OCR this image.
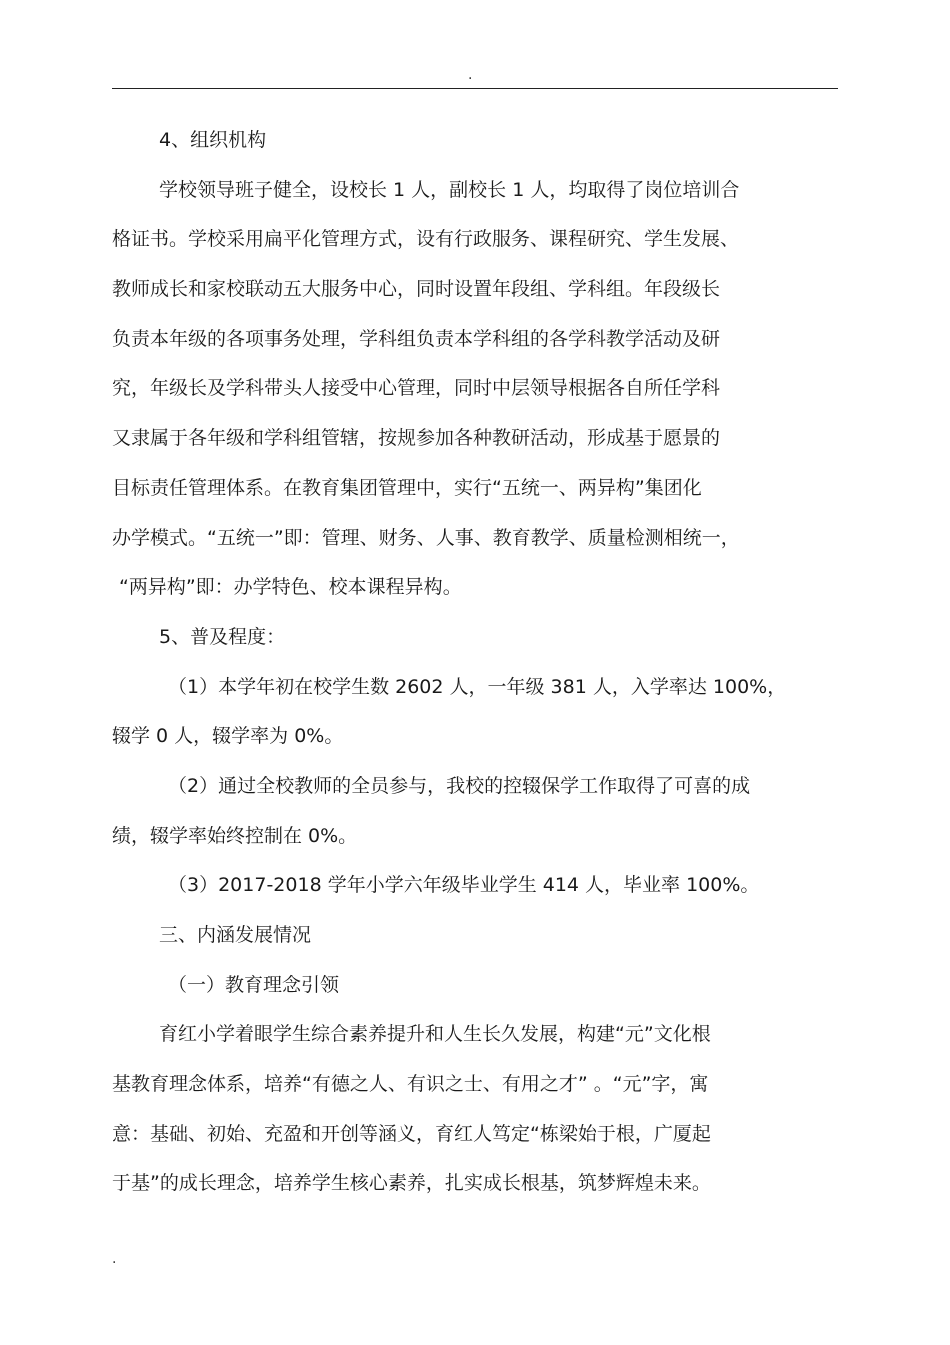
.
4、组织机构
学校领导班子健全，设校长 1 人，副校长 1 人，均取得了岗位培训合
格证书。学校采用扁平化管理方式，设有行政服务、课程研究、学生发展、
教师成长和家校联动五大服务中心，同时设置年段组、学科组。年段级长
负责本年级的各项事务处理，学科组负责本学科组的各学科教学活动及研
究，年级长及学科带头人接受中心管理，同时中层领导根据各自所任学科
又隶属于各年级和学科组管辖，按规参加各种教研活动，形成基于愿景的
目标责任管理体系。在教育集团管理中，实行“五统一、两异构”集团化
办学模式。“五统一”即：管理、财务、人事、教育教学、质量检测相统一，
“两异构”即：办学特色、校本课程异构。
5、普及程度：
（1）本学年初在校学生数 2602 人，一年级 381 人，入学率达 100%，
辍学 0 人，辍学率为 0%。
（2）通过全校教师的全员参与，我校的控辍保学工作取得了可喜的成
绩，辍学率始终控制在 0%。
（3）2017-2018 学年小学六年级毕业学生 414 人，毕业率 100%。
三、内涵发展情况
（一）教育理念引领
育红小学着眼学生综合素养提升和人生长久发展，构建“元”文化根
基教育理念体系，培养“有德之人、有识之士、有用之才” 。“元”字，寓
意：基础、初始、充盈和开创等涵义，育红人笃定“栋梁始于根，广厦起
于基”的成长理念，培养学生核心素养，扎实成长根基，筑梦辉煌未来。
.
